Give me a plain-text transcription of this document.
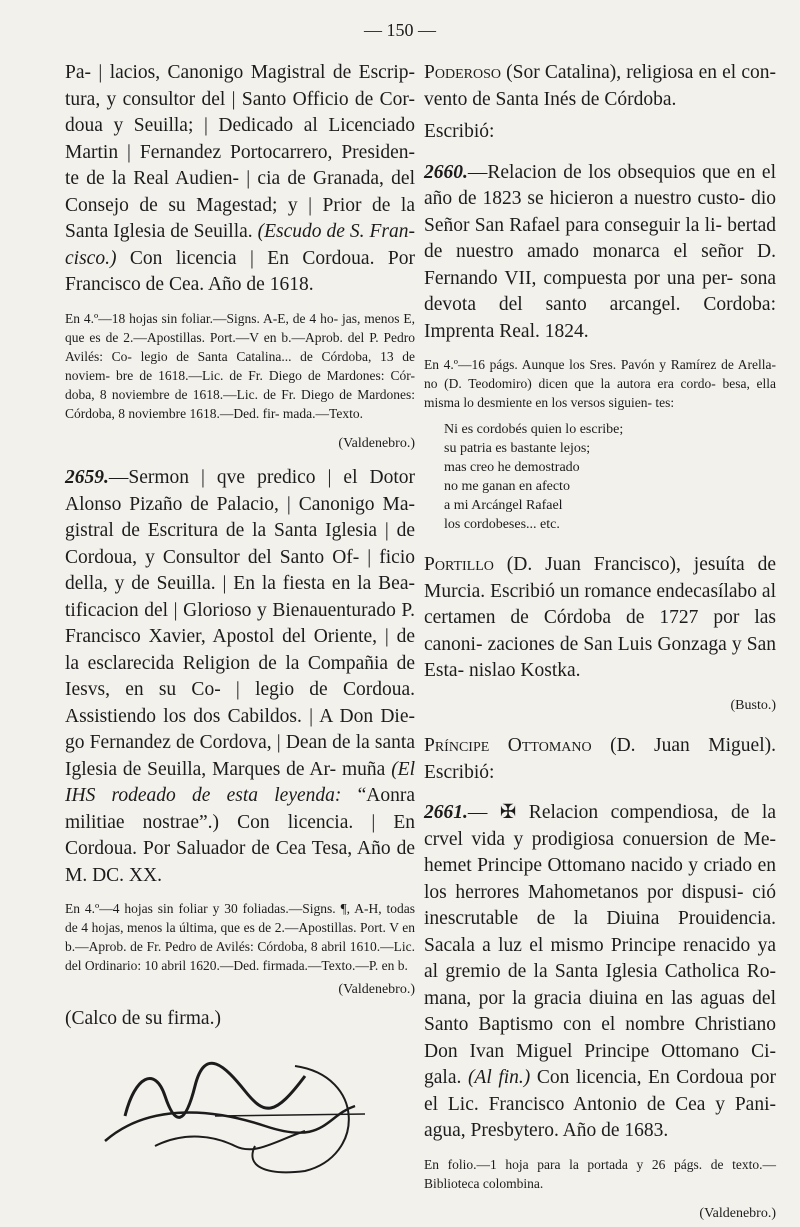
— 150 —

Pa- | lacios, Canonigo Magistral de Escrip- tura, y consultor del | Santo Officio de Cor- doua y Seuilla; | Dedicado al Licenciado Martin | Fernandez Portocarrero, Presiden- te de la Real Audien- | cia de Granada, del Consejo de su Magestad; y | Prior de la Santa Iglesia de Seuilla. (Escudo de S. Fran- cisco.) Con licencia | En Cordoua. Por Francisco de Cea. Año de 1618.

En 4.º—18 hojas sin foliar.—Signs. A-E, de 4 ho- jas, menos E, que es de 2.—Apostillas. Port.—V en b.—Aprob. del P. Pedro Avilés: Co- legio de Santa Catalina... de Córdoba, 13 de noviem- bre de 1618.—Lic. de Fr. Diego de Mardones: Cór- doba, 8 noviembre de 1618.—Lic. de Fr. Diego de Mardones: Córdoba, 8 noviembre 1618.—Ded. fir- mada.—Texto.

(Valdenebro.)

2659.—Sermon | qve predico | el Dotor Alonso Pizaño de Palacio, | Canonigo Ma- gistral de Escritura de la Santa Iglesia | de Cordoua, y Consultor del Santo Of- | ficio della, y de Seuilla. | En la fiesta en la Bea- tificacion del | Glorioso y Bienauenturado P. Francisco Xavier, Apostol del Oriente, | de la esclarecida Religion de la Compañia de Iesvs, en su Co- | legio de Cordoua. Assistiendo los dos Cabildos. | A Don Die- go Fernandez de Cordova, | Dean de la santa Iglesia de Seuilla, Marques de Ar- muña (El IHS rodeado de esta leyenda: “Aonra militiae nostrae”.) Con licencia. | En Cordoua. Por Saluador de Cea Tesa, Año de M. DC. XX.

En 4.º—4 hojas sin foliar y 30 foliadas.—Signs. ¶, A-H, todas de 4 hojas, menos la última, que es de 2.—Apostillas. Port. V en b.—Aprob. de Fr. Pedro de Avilés: Córdoba, 8 abril 1610.—Lic. del Ordinario: 10 abril 1620.—Ded. firmada.—Texto.—P. en b.

(Valdenebro.)

(Calco de su firma.)

Poderoso (Sor Catalina), religiosa en el con- vento de Santa Inés de Córdoba.

Escribió:

2660.—Relacion de los obsequios que en el año de 1823 se hicieron a nuestro custo- dio Señor San Rafael para conseguir la li- bertad de nuestro amado monarca el señor D. Fernando VII, compuesta por una per- sona devota del santo arcangel. Cordoba: Imprenta Real. 1824.

En 4.º—16 págs. Aunque los Sres. Pavón y Ramírez de Arella- no (D. Teodomiro) dicen que la autora era cordo- besa, ella misma lo desmiente en los versos siguien- tes:

Ni es cordobés quien lo escribe;
su patria es bastante lejos;
mas creo he demostrado
no me ganan en afecto
a mi Arcángel Rafael
los cordobeses... etc.

Portillo (D. Juan Francisco), jesuíta de Murcia. Escribió un romance endecasílabo al certamen de Córdoba de 1727 por las canoni- zaciones de San Luis Gonzaga y San Esta- nislao Kostka.

(Busto.)

Príncipe Ottomano (D. Juan Miguel). Escribió:

2661.— ✠ Relacion compendiosa, de la crvel vida y prodigiosa conuersion de Me- hemet Principe Ottomano nacido y criado en los herrores Mahometanos por dispusi- ció inescrutable de la Diuina Prouidencia. Sacala a luz el mismo Principe renacido ya al gremio de la Santa Iglesia Catholica Ro- mana, por la gracia diuina en las aguas del Santo Baptismo con el nombre Christiano Don Ivan Miguel Principe Ottomano Ci- gala. (Al fin.) Con licencia, En Cordoua por el Lic. Francisco Antonio de Cea y Pani- agua, Presbytero. Año de 1683.

En folio.—1 hoja para la portada y 26 págs. de texto.—Biblioteca colombina.

(Valdenebro.)
